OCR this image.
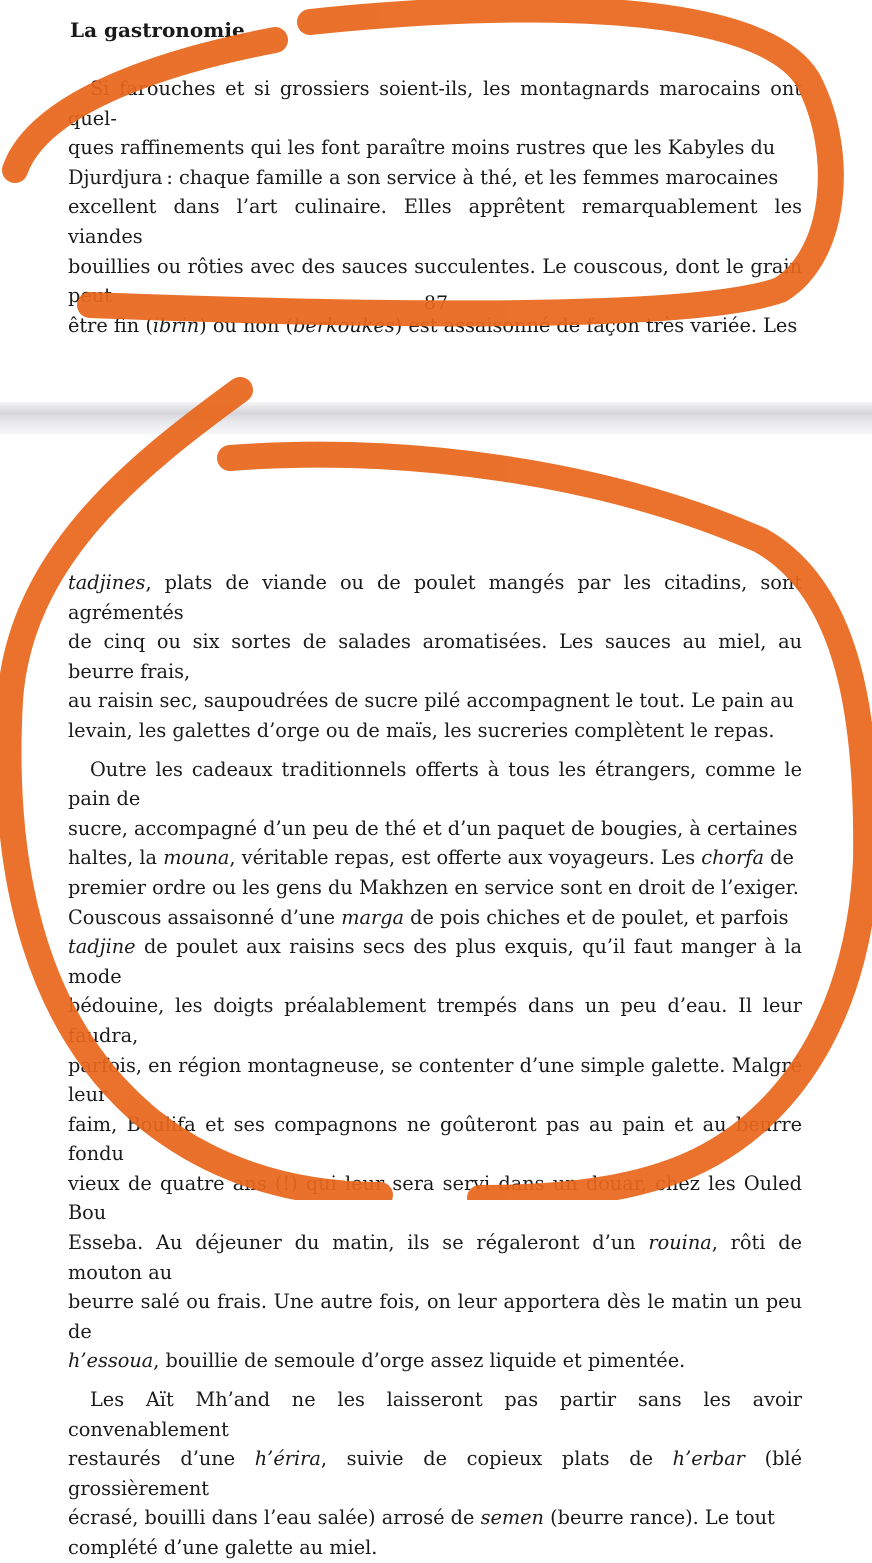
La gastronomie

Si farouches et si grossiers soient-ils, les montagnards marocains ont quel-

ques raffinements qui les font paraître moins rustres que les Kabyles du

Djurdjura : chaque famille a son service à thé, et les femmes marocaines

excellent dans l’art culinaire. Elles apprêtent remarquablement les viandes

bouillies ou rôties avec des sauces succulentes. Le couscous, dont le grain peut

être fin (ibrin) ou non (berkoukes) est assaisonné de façon très variée. Les

87

tadjines, plats de viande ou de poulet mangés par les citadins, sont agrémentés

de cinq ou six sortes de salades aromatisées. Les sauces au miel, au beurre frais,

au raisin sec, saupoudrées de sucre pilé accompagnent le tout. Le pain au

levain, les galettes d’orge ou de maïs, les sucreries complètent le repas.

Outre les cadeaux traditionnels offerts à tous les étrangers, comme le pain de

sucre, accompagné d’un peu de thé et d’un paquet de bougies, à certaines

haltes, la mouna, véritable repas, est offerte aux voyageurs. Les chorfa de

premier ordre ou les gens du Makhzen en service sont en droit de l’exiger.

Couscous assaisonné d’une marga de pois chiches et de poulet, et parfois

tadjine de poulet aux raisins secs des plus exquis, qu’il faut manger à la mode

bédouine, les doigts préalablement trempés dans un peu d’eau. Il leur faudra,

parfois, en région montagneuse, se contenter d’une simple galette. Malgré leur

faim, Boulifa et ses compagnons ne goûteront pas au pain et au beurre fondu

vieux de quatre ans (!) qui leur sera servi dans un douar, chez les Ouled Bou

Esseba. Au déjeuner du matin, ils se régaleront d’un rouina, rôti de mouton au

beurre salé ou frais. Une autre fois, on leur apportera dès le matin un peu de

h’essoua, bouillie de semoule d’orge assez liquide et pimentée.

Les Aït Mh’and ne les laisseront pas partir sans les avoir convenablement

restaurés d’une h’érira, suivie de copieux plats de h’erbar (blé grossièrement

écrasé, bouilli dans l’eau salée) arrosé de semen (beurre rance). Le tout

complété d’une galette au miel.
